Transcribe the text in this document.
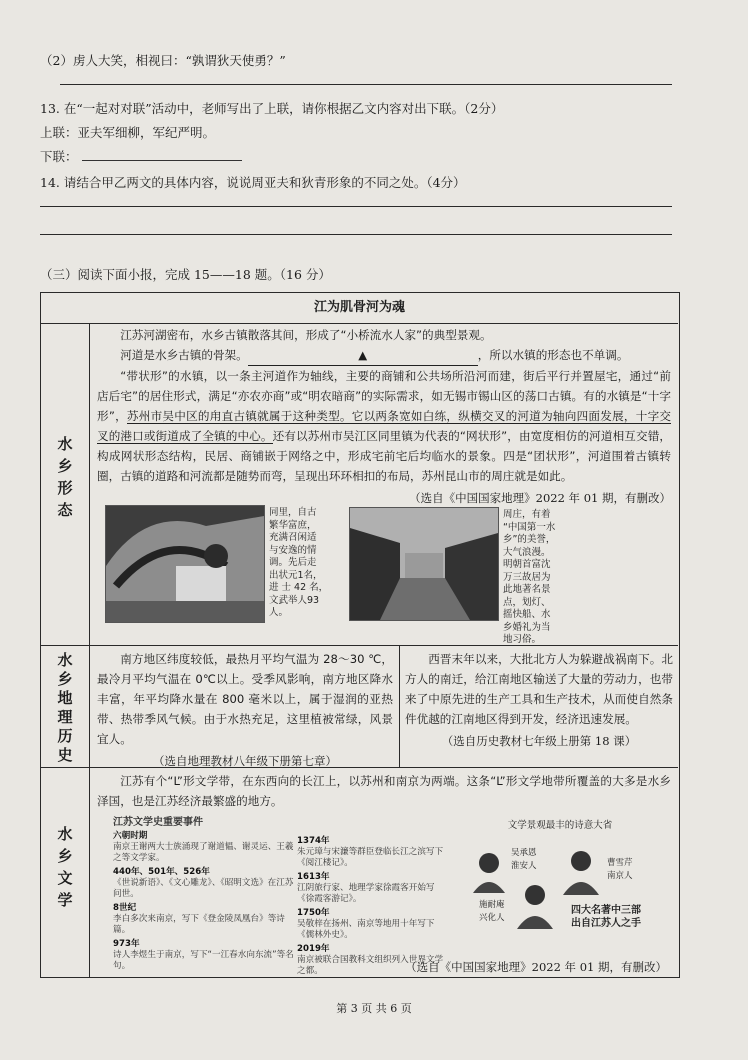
（2）虏人大笑，相视曰：“孰谓狄天使勇？”
13. 在“一起对对联”活动中，老师写出了上联，请你根据乙文内容对出下联。（2分）
上联：亚夫军细柳，军纪严明。
下联：
14. 请结合甲乙两文的具体内容，说说周亚夫和狄青形象的不同之处。（4分）
（三）阅读下面小报，完成 15——18 题。（16 分）
江为肌骨河为魂
水
乡
形
态

江苏河湖密布，水乡古镇散落其间，形成了“小桥流水人家”的典型景观。

河道是水乡古镇的骨架。	▲	，所以水镇的形态也不单调。

“带状形”的水镇，以一条主河道作为轴线，主要的商铺和公共场所沿河而建，街后平行并置屋宅，通过“前店后宅”的居住形式，满足“亦农亦商”或“明农暗商”的实际需求，如无锡市锡山区的荡口古镇。有的水镇是“十字形”，苏州市吴中区的甪直古镇就属于这种类型。它以两条宽如白练，纵横交叉的河道为轴向四面发展，十字交叉的港口或街道成了全镇的中心。还有以苏州市吴江区同里镇为代表的“网状形”，由宽度相仿的河道相互交错，构成网状形态结构，民居、商铺嵌于网络之中，形成宅前宅后均临水的景象。四是“团状形”，河道围着古镇转圈，古镇的道路和河流都是随势而弯，呈现出环环相扣的布局，苏州昆山市的周庄就是如此。

（选自《中国国家地理》2022 年 01 期，有删改）
同里，自古
繁华富庶，
充满召闲适
与安逸的情
调。先后走
出状元1名，
进 士 42 名，
文武举人93
人。
周庄，有着
“中国第一水
乡”的美誉，
大气浪漫。
明朝首富沈
万三故居为
此地著名景
点，划灯、
摇快船、水
乡婚礼为当
地习俗。
水
乡
地
理
历
史

南方地区纬度较低，最热月平均气温为 28～30 ℃，最冷月平均气温在 0℃以上。受季风影响，南方地区降水丰富，年平均降水量在 800 毫米以上，属于湿润的亚热带、热带季风气候。由于水热充足，这里植被常绿，风景宜人。

（选自地理教材八年级下册第七章）

西晋末年以来，大批北方人为躲避战祸南下。北方人的南迁，给江南地区输送了大量的劳动力，也带来了中原先进的生产工具和生产技术，从而使自然条件优越的江南地区得到开发，经济迅速发展。

（选自历史教材七年级上册第 18 课）
水
乡
文
学

江苏有个“L”形文学带，在东西向的长江上，以苏州和南京为两端。这条“L”形文学地带所覆盖的大多是水乡泽国，也是江苏经济最繁盛的地方。

江苏文学史重要事件
六朝时期
南京王谢两大士族涌现了谢道韫、谢灵运、王羲之等文学家。
440年、501年、526年
《世说新语》、《文心雕龙》、《昭明文选》在江苏问世。
8世纪
李白多次来南京，写下《登金陵凤凰台》等诗篇。
973年
诗人李煜生于南京，写下“一江春水向东流”等名句。
1374年
朱元璋与宋濂等群臣登临长江之滨写下《阅江楼记》。
1613年
江阴旅行家、地理学家徐霞客开始写《徐霞客游记》。
1750年
吴敬梓在扬州、南京等地用十年写下《儒林外史》。
2019年
南京被联合国教科文组织列入世界文学之都。
文学景观最丰的诗意大省
吴承恩
淮安人	曹雪芹
南京人
施耐庵
兴化人
四大名著中三部
出自江苏人之手
（选自《中国国家地理》2022 年 01 期，有删改）
第 3 页 共 6 页
